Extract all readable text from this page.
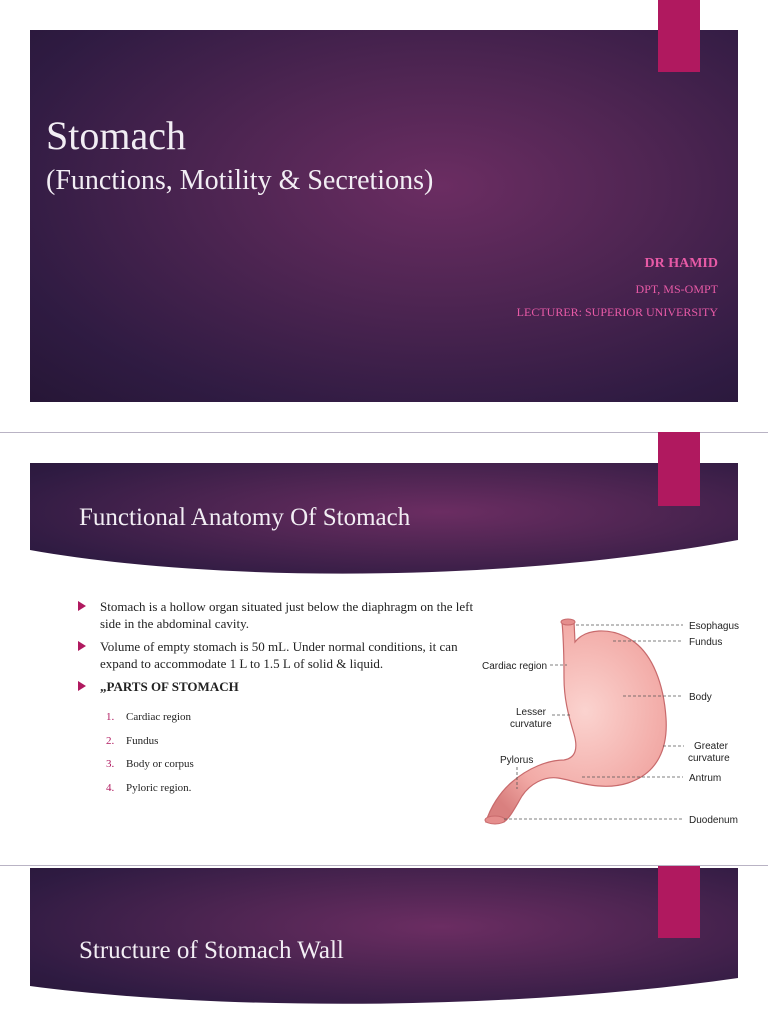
Stomach
(Functions, Motility & Secretions)

DR HAMID

DPT, MS-OMPT

LECTURER: SUPERIOR UNIVERSITY

Functional Anatomy Of Stomach
Stomach is a hollow organ situated just below the diaphragm on the left side in the abdominal cavity.
Volume of empty stomach is 50 mL. Under normal conditions, it can expand to accommodate 1 L to 1.5 L of solid & liquid.
„PARTS OF STOMACH
1. Cardiac region
2. Fundus
3. Body or corpus
4. Pyloric region.
Esophagus
Fundus
Cardiac region
Body
Lesser
curvature
Greater
curvature
Pylorus
Antrum
Duodenum
Structure of Stomach Wall
